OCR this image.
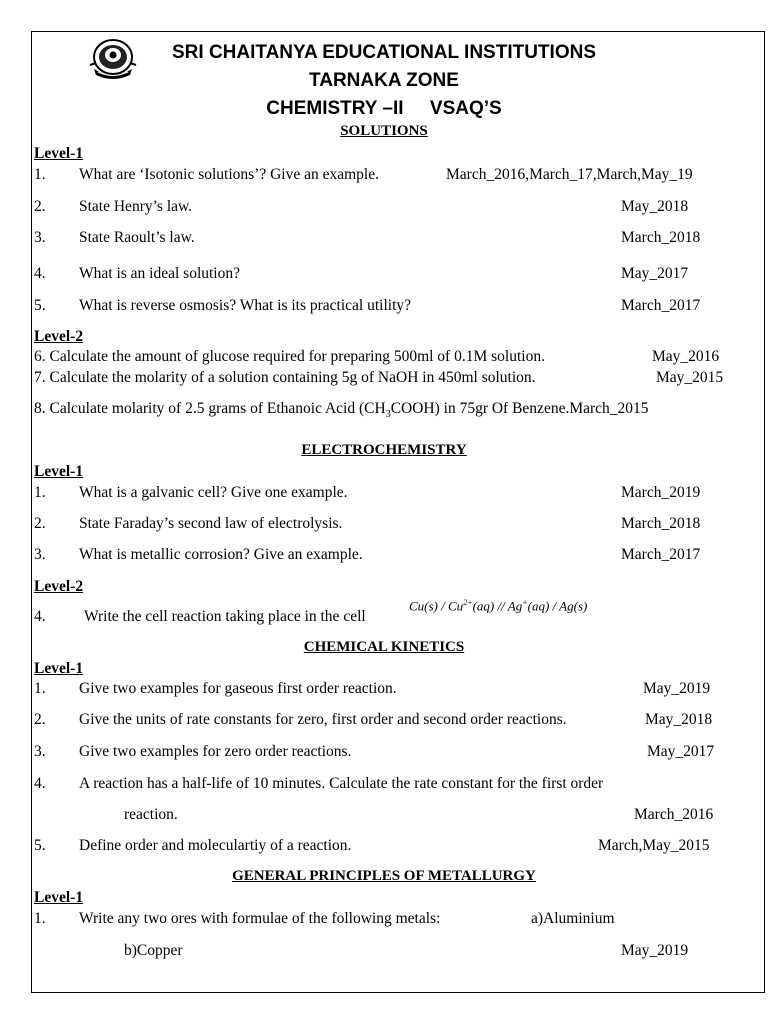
SRI CHAITANYA EDUCATIONAL INSTITUTIONS
TARNAKA ZONE
CHEMISTRY –II     VSAQ’S
SOLUTIONS
Level-1
1. What are ‘Isotonic solutions’? Give an example.	March_2016,March_17,March,May_19
2. State Henry’s law.	May_2018
3. State Raoult’s law.	March_2018
4. What is an ideal solution?	May_2017
5. What is reverse osmosis? What is its practical utility?	March_2017
Level-2
6. Calculate the amount of glucose required for preparing 500ml of 0.1M solution.	May_2016
7. Calculate the molarity of a solution containing 5g of NaOH in 450ml solution.	May_2015
8. Calculate molarity of 2.5 grams of Ethanoic Acid $(CH_3COOH)$ in 75gr Of Benzene.March_2015
ELECTROCHEMISTRY
Level-1
1. What is a galvanic cell? Give one example.	March_2019
2. State Faraday’s second law of electrolysis.	March_2018
3. What is metallic corrosion? Give an example.	March_2017
Level-2
4. Write the cell reaction taking place in the cell
$Cu(s) / Cu^{2+}(aq) // Ag^+(aq) / Ag(s)$
CHEMICAL KINETICS
Level-1
1. Give two examples for gaseous first order reaction.	May_2019
2. Give the units of rate constants for zero, first order and second order reactions.	May_2018
3. Give two examples for zero order reactions.	May_2017
4. A reaction has a half-life of 10 minutes. Calculate the rate constant for the first order
reaction.	March_2016
5. Define order and moleculartiy of a reaction.	March,May_2015
GENERAL PRINCIPLES OF METALLURGY
Level-1
1. Write any two ores with formulae of the following metals:	a)Aluminium
b)Copper	May_2019
